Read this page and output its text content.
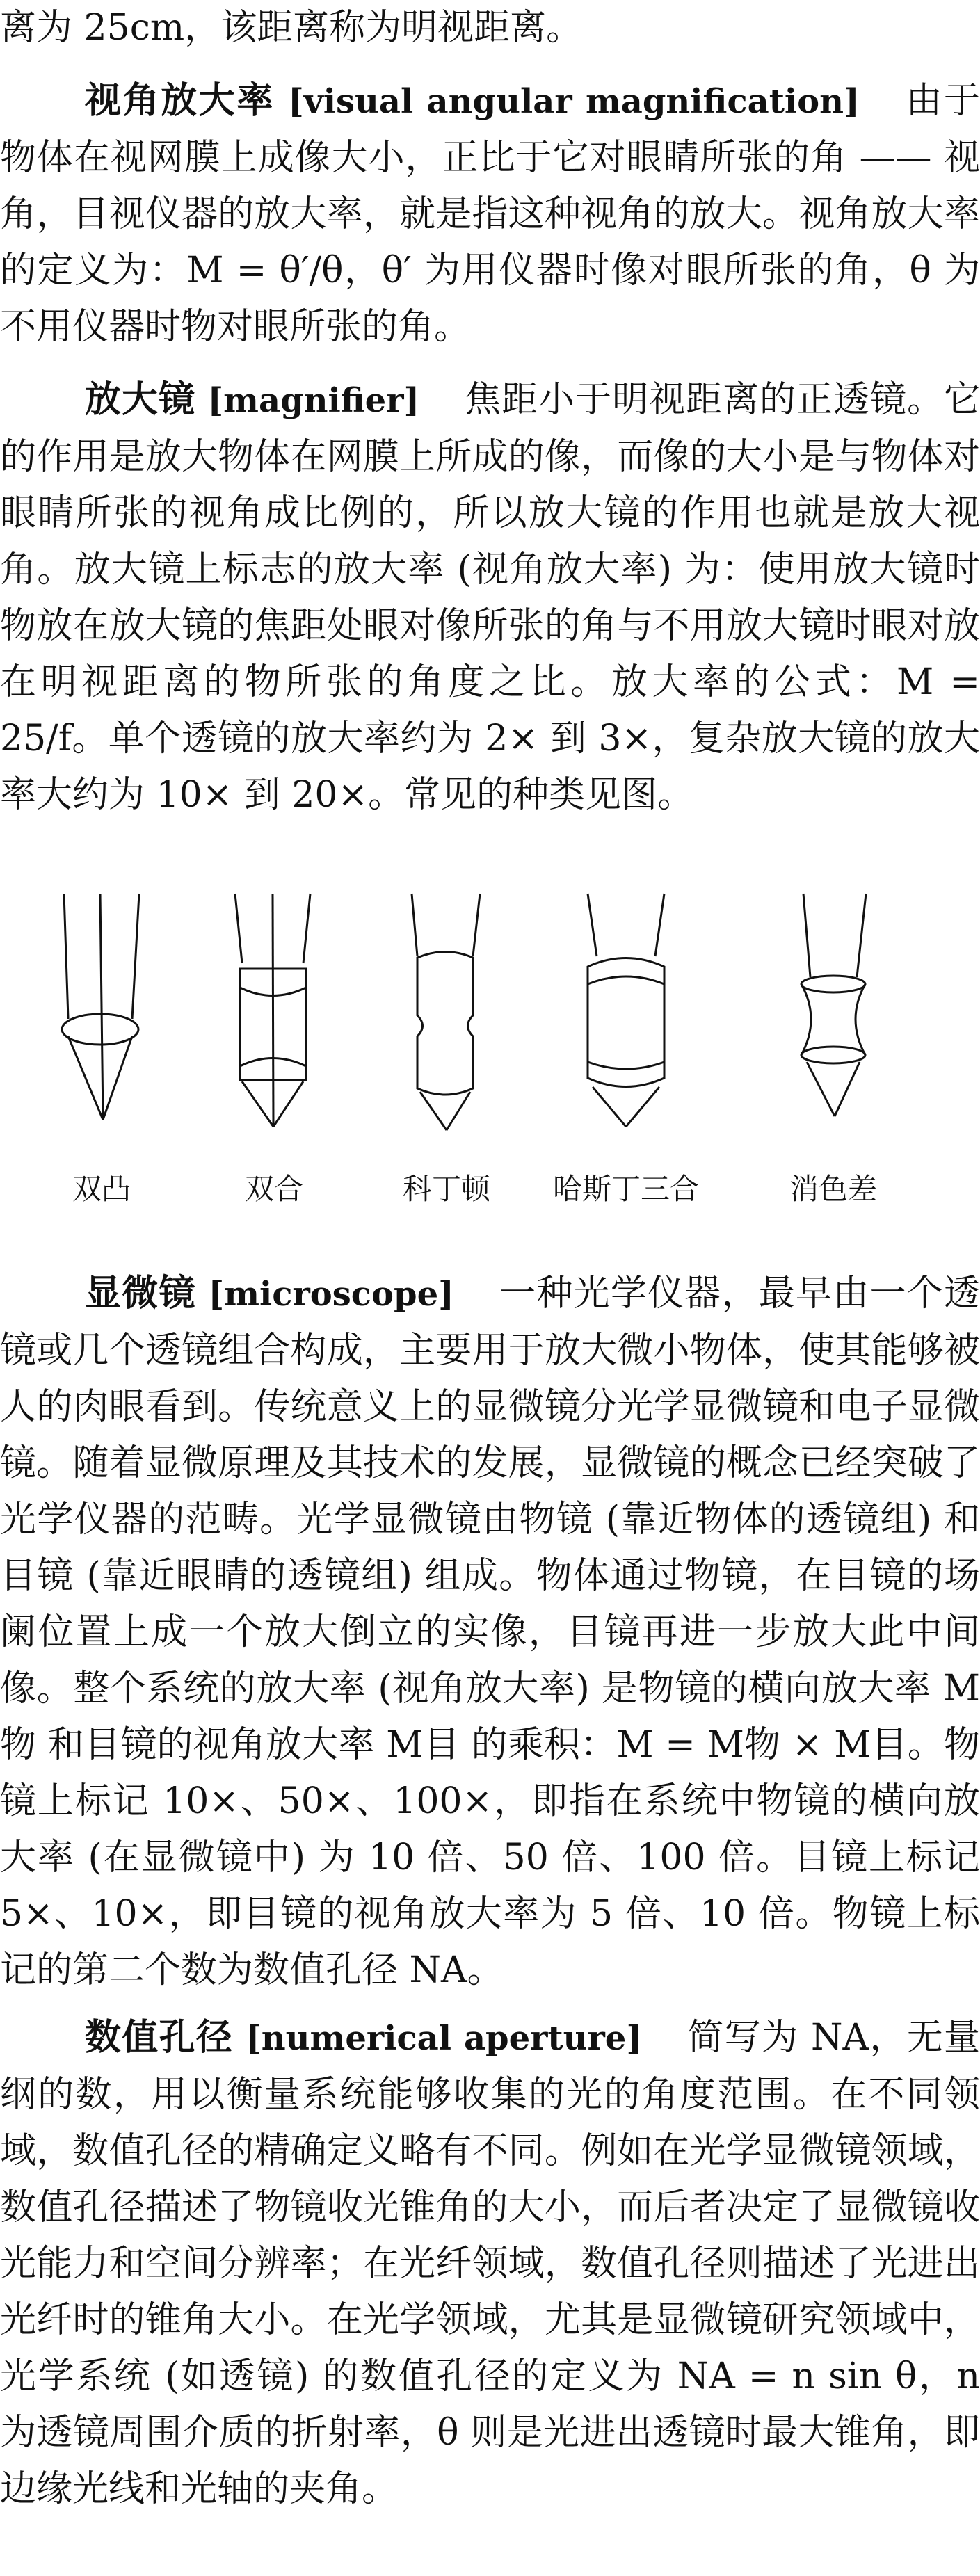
离为 25cm，该距离称为明视距离。

视角放大率 [visual angular magnification] 由于物体在视网膜上成像大小，正比于它对眼睛所张的角 —— 视角，目视仪器的放大率，就是指这种视角的放大。视角放大率的定义为：M = θ′/θ，θ′ 为用仪器时像对眼所张的角，θ 为不用仪器时物对眼所张的角。

放大镜 [magnifier] 焦距小于明视距离的正透镜。它的作用是放大物体在网膜上所成的像，而像的大小是与物体对眼睛所张的视角成比例的，所以放大镜的作用也就是放大视角。放大镜上标志的放大率 (视角放大率) 为：使用放大镜时物放在放大镜的焦距处眼对像所张的角与不用放大镜时眼对放在明视距离的物所张的角度之比。放大率的公式：M = 25/f。单个透镜的放大率约为 2× 到 3×，复杂放大镜的放大率大约为 10× 到 20×。常见的种类见图。

双凸	双合	科丁顿	哈斯丁三合	消色差

显微镜 [microscope] 一种光学仪器，最早由一个透镜或几个透镜组合构成，主要用于放大微小物体，使其能够被人的肉眼看到。传统意义上的显微镜分光学显微镜和电子显微镜。随着显微原理及其技术的发展，显微镜的概念已经突破了光学仪器的范畴。光学显微镜由物镜 (靠近物体的透镜组) 和目镜 (靠近眼睛的透镜组) 组成。物体通过物镜，在目镜的场阑位置上成一个放大倒立的实像，目镜再进一步放大此中间像。整个系统的放大率 (视角放大率) 是物镜的横向放大率 M物 和目镜的视角放大率 M目 的乘积：M = M物 × M目。物镜上标记 10×、50×、100×，即指在系统中物镜的横向放大率 (在显微镜中) 为 10 倍、50 倍、100 倍。目镜上标记 5×、10×，即目镜的视角放大率为 5 倍、10 倍。物镜上标记的第二个数为数值孔径 NA。

数值孔径 [numerical aperture] 简写为 NA，无量纲的数，用以衡量系统能够收集的光的角度范围。在不同领域，数值孔径的精确定义略有不同。例如在光学显微镜领域，数值孔径描述了物镜收光锥角的大小，而后者决定了显微镜收光能力和空间分辨率；在光纤领域，数值孔径则描述了光进出光纤时的锥角大小。在光学领域，尤其是显微镜研究领域中，光学系统 (如透镜) 的数值孔径的定义为 NA = n sin θ，n 为透镜周围介质的折射率，θ 则是光进出透镜时最大锥角，即边缘光线和光轴的夹角。
